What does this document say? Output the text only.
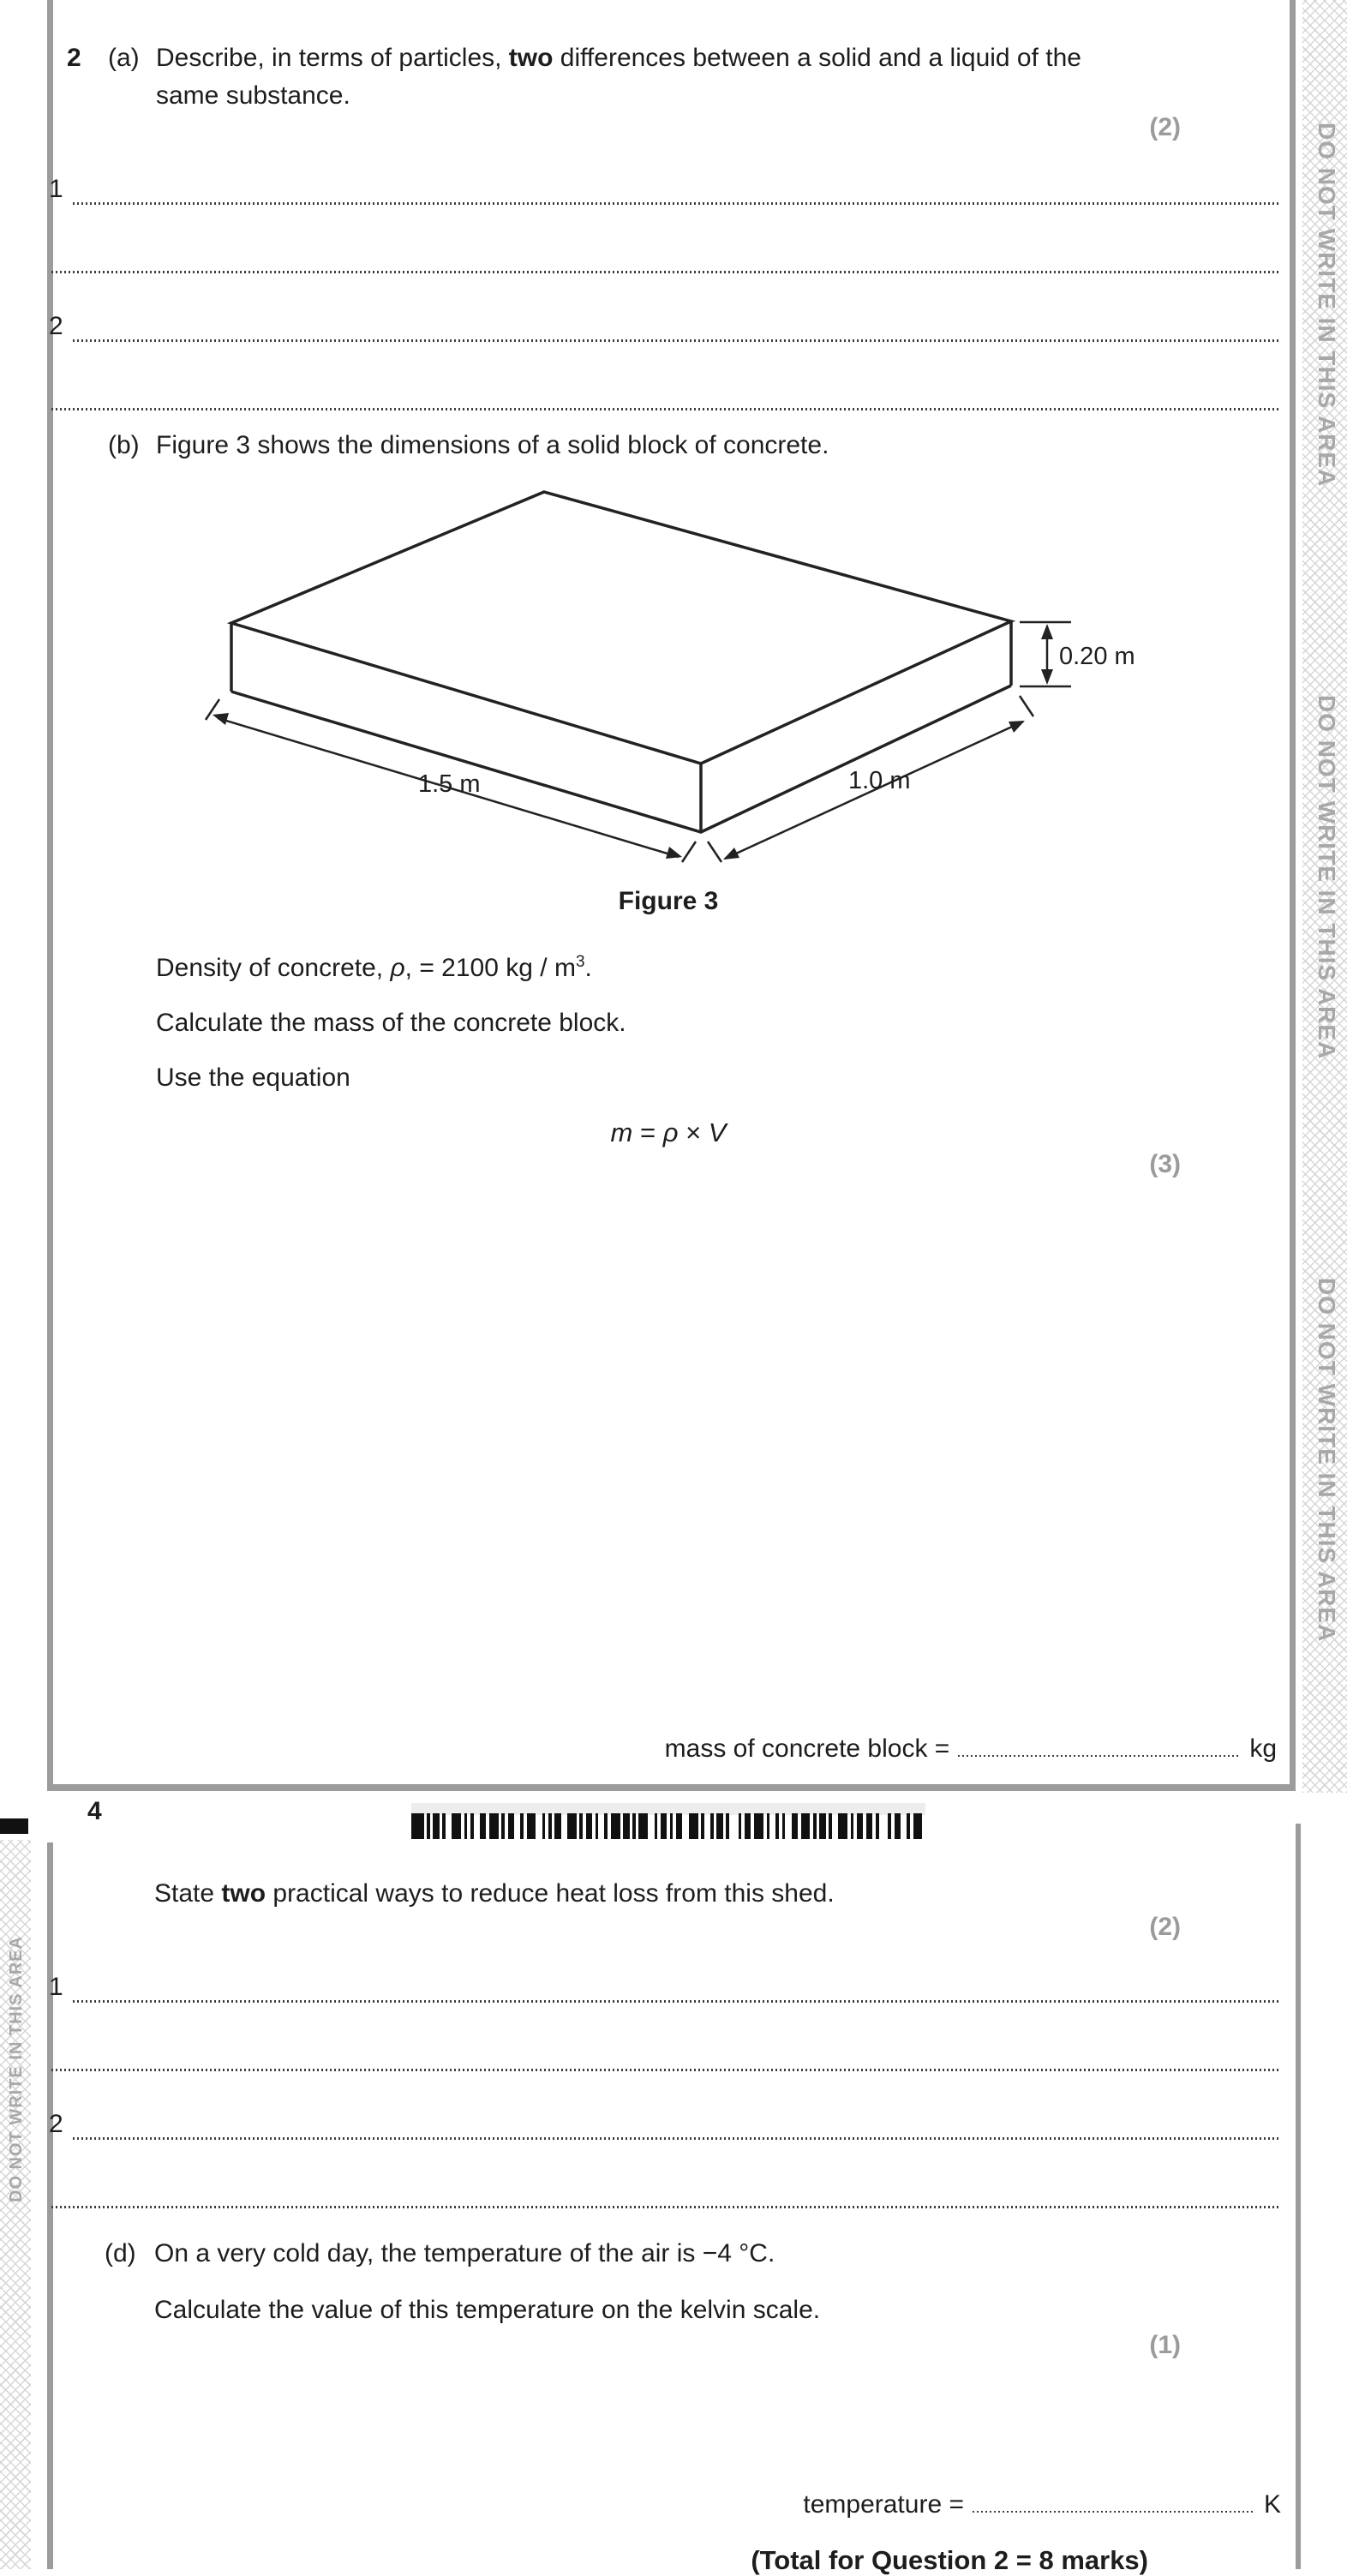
DO NOT WRITE IN THIS AREA
DO NOT WRITE IN THIS AREA
DO NOT WRITE IN THIS AREA
2 (a) Describe, in terms of particles, two differences between a solid and a liquid of the
same substance.
(2)
1
2
(b) Figure 3 shows the dimensions of a solid block of concrete.
1.5 m	1.0 m
0.20 m
Figure 3
Density of concrete, ρ, = 2100 kg / $m^3$.
Calculate the mass of the concrete block.
Use the equation
m = ρ × V
(3)
mass of concrete block =	kg
4
DO NOT WRITE IN THIS AREA
State two practical ways to reduce heat loss from this shed.
(2)
1
2
(d) On a very cold day, the temperature of the air is −4 °C.
Calculate the value of this temperature on the kelvin scale.
(1)
temperature =	K
(Total for Question 2 = 8 marks)
